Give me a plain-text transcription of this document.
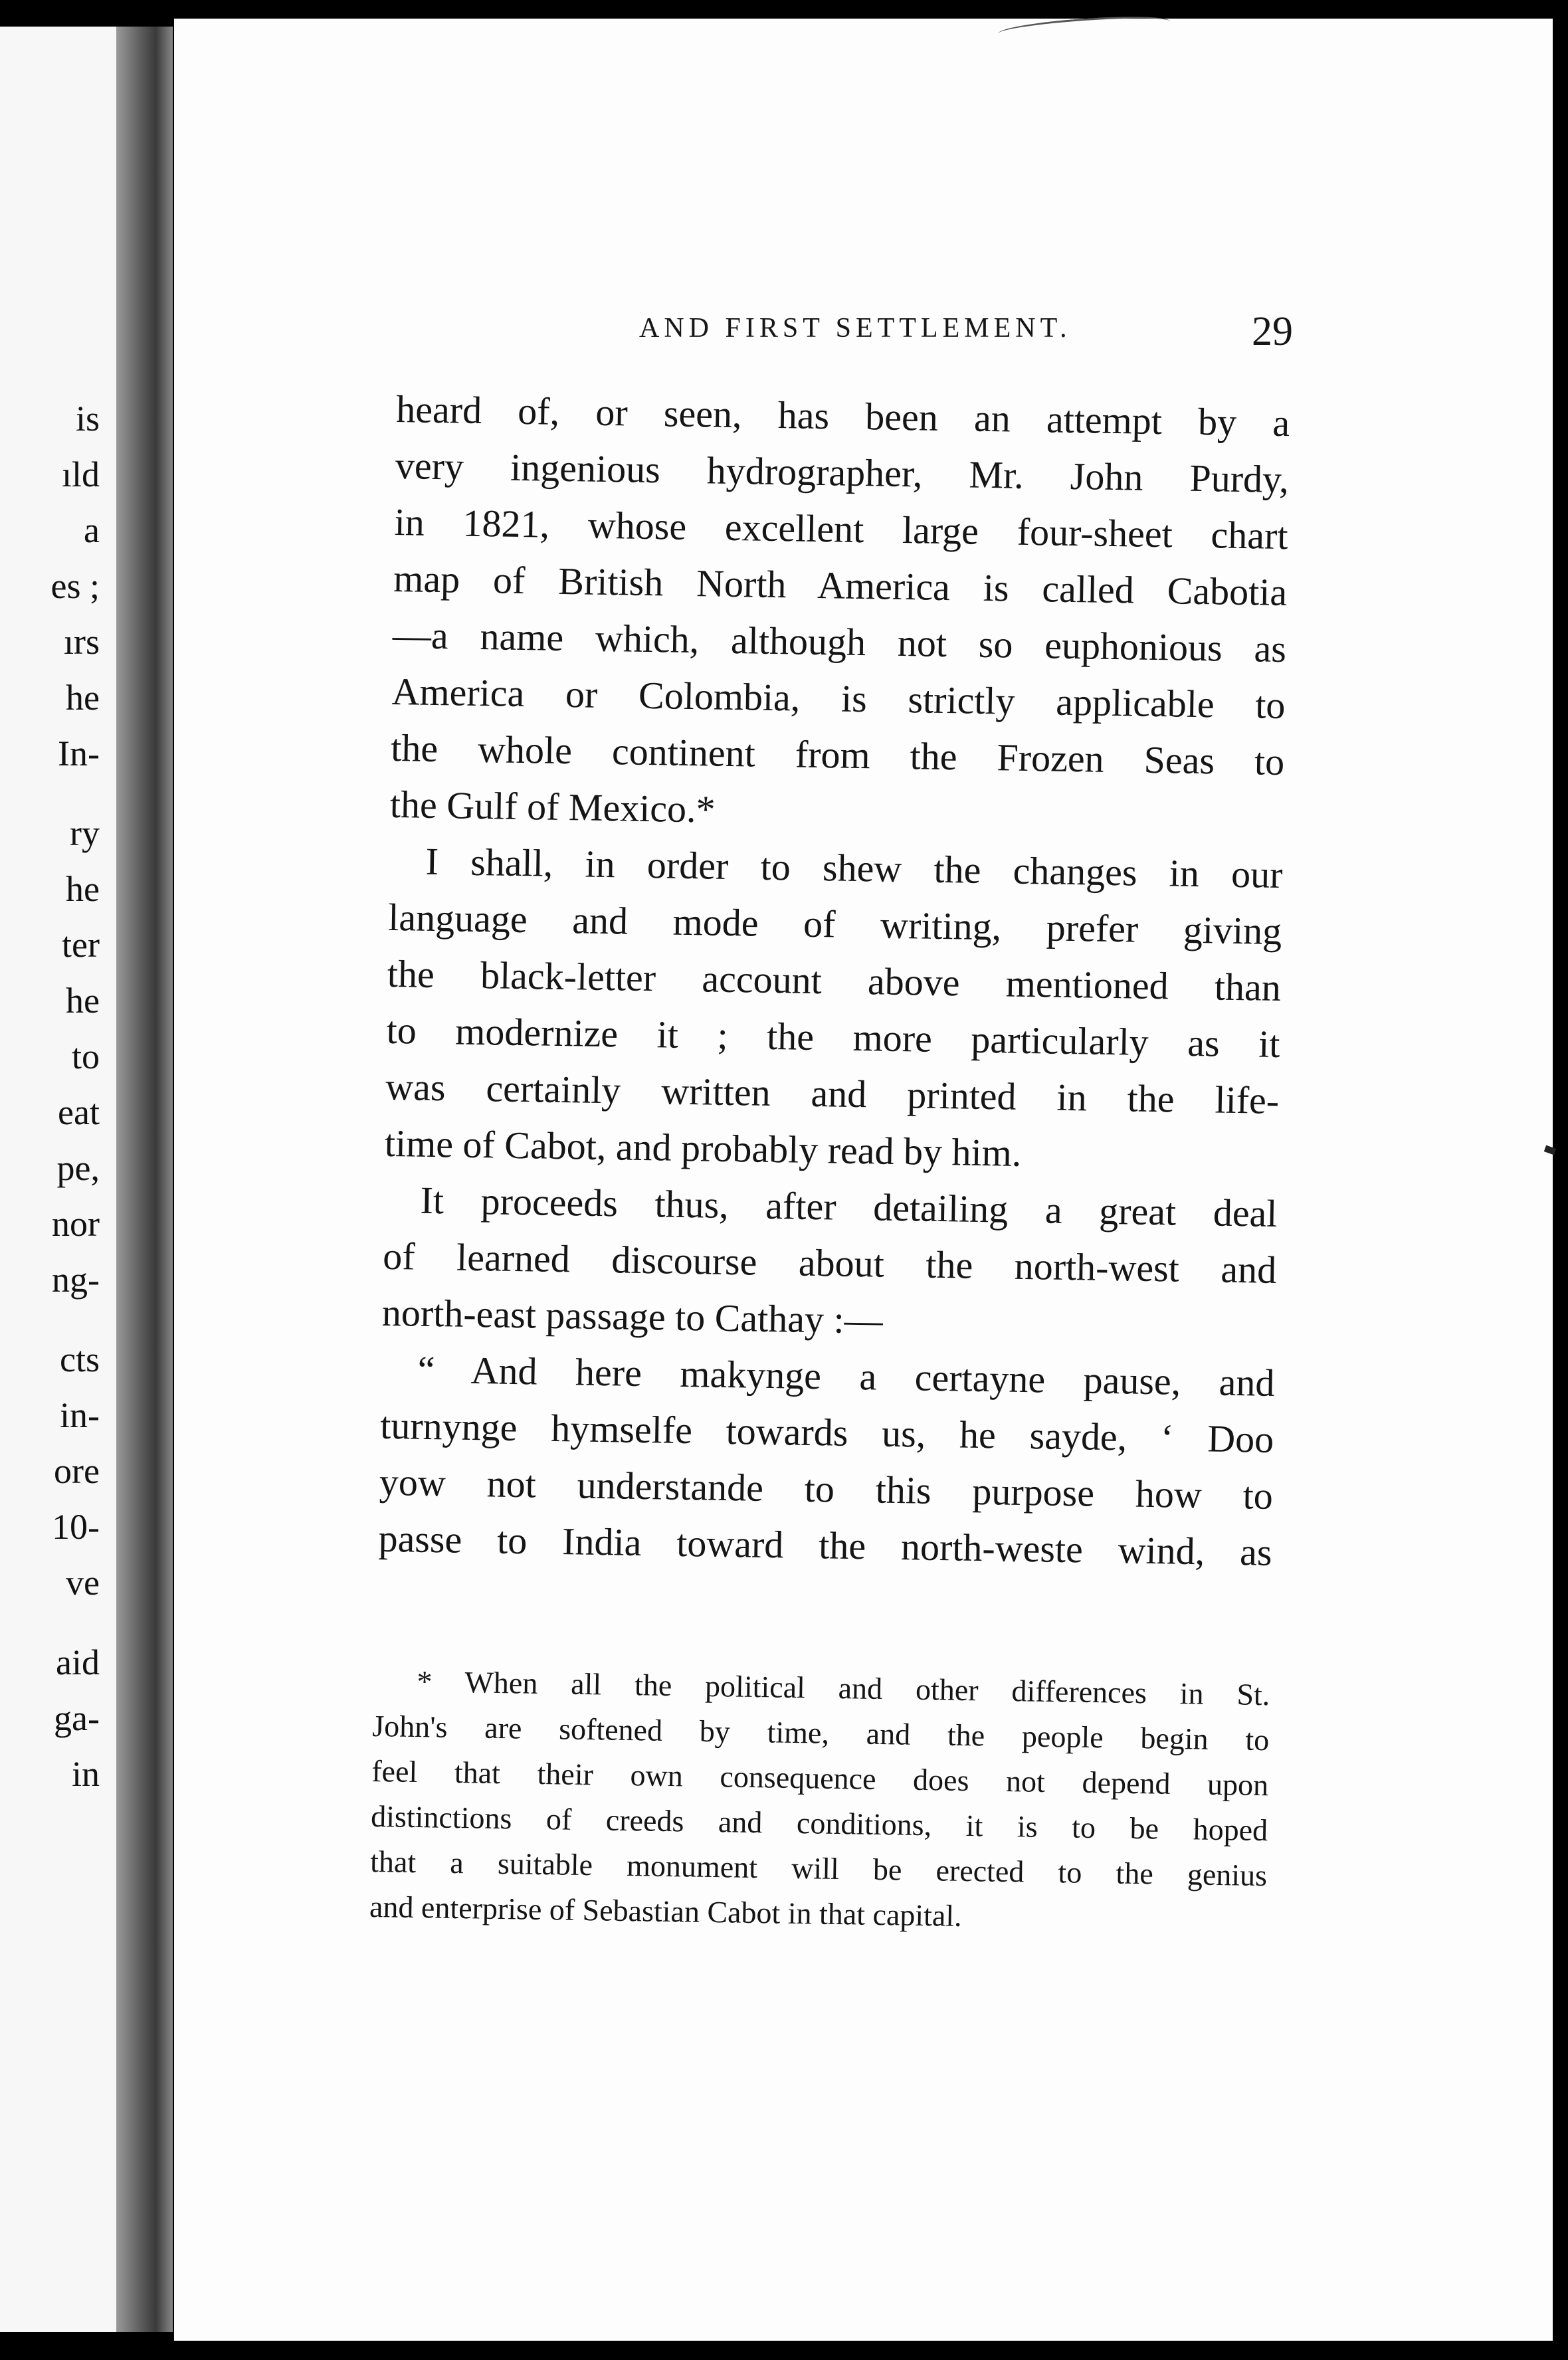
is
ıld
a
es ;
ırs
he
In-
ry
he
ter
he
to
eat
pe,
nor
ng-
cts
in-
ore
10-
ve
aid
ga-
in
AND FIRST SETTLEMENT.	29
heard of, or seen, has been an attempt by a
very ingenious hydrographer, Mr. John Purdy,
in 1821, whose excellent large four-sheet chart
map of British North America is called Cabotia
—a name which, although not so euphonious as
America or Colombia, is strictly applicable to
the whole continent from the Frozen Seas to
the Gulf of Mexico.*
I shall, in order to shew the changes in our
language and mode of writing, prefer giving
the black-letter account above mentioned than
to modernize it ; the more particularly as it
was certainly written and printed in the life-
time of Cabot, and probably read by him.
It proceeds thus, after detailing a great deal
of learned discourse about the north-west and
north-east passage to Cathay :—
“ And here makynge a certayne pause, and
turnynge hymselfe towards us, he sayde, ‘ Doo
yow not understande to this purpose how to
passe to India toward the north-weste wind, as
* When all the political and other differences in St.
John's are softened by time, and the people begin to
feel that their own consequence does not depend upon
distinctions of creeds and conditions, it is to be hoped
that a suitable monument will be erected to the genius
and enterprise of Sebastian Cabot in that capital.
